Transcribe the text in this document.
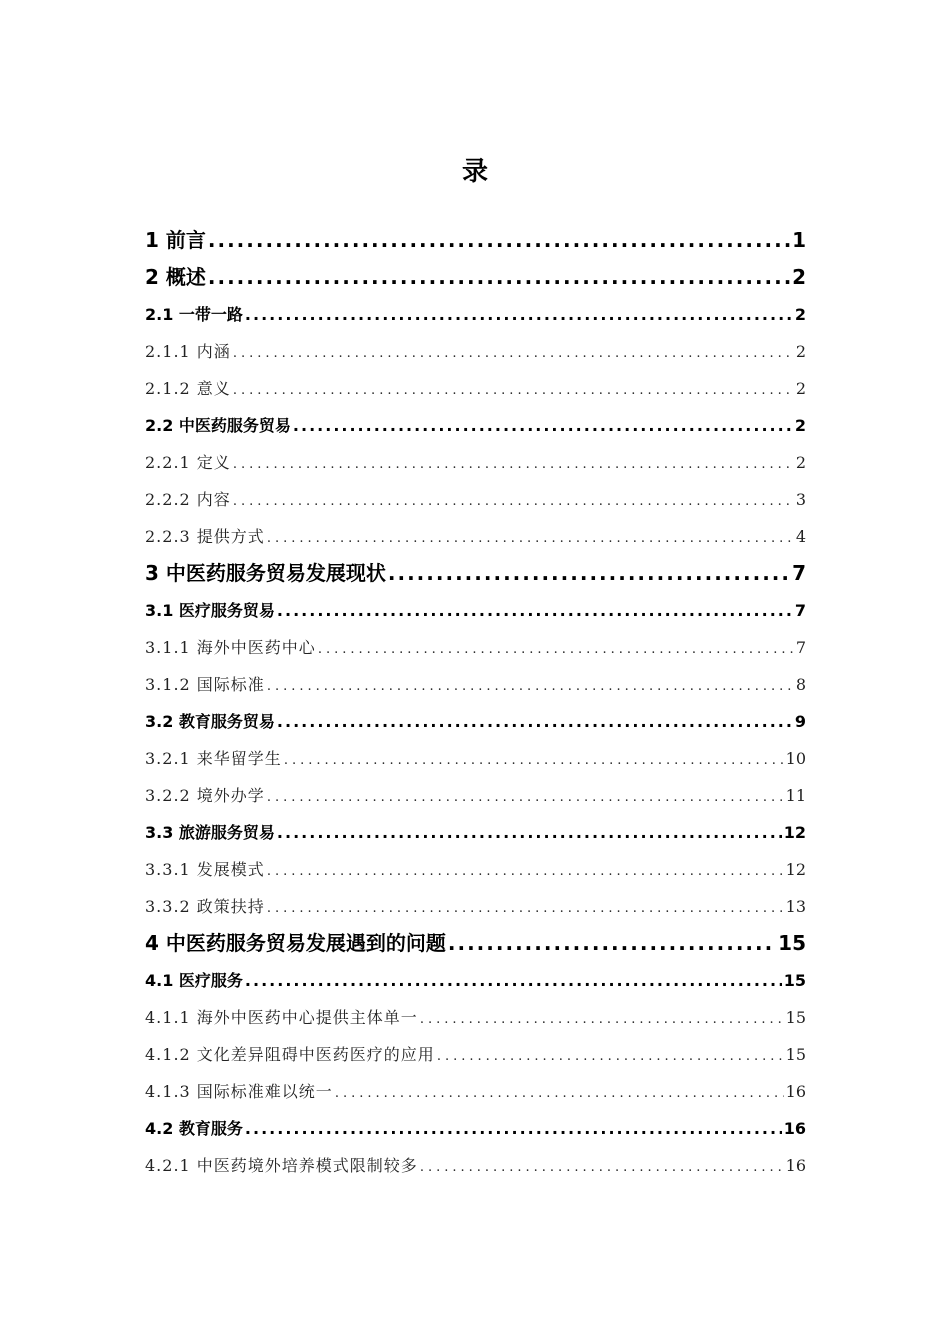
录
1 前言 .....	1
2 概述 .....	2
2.1 一带一路 .....	2
2.1.1 内涵 .....	2
2.1.2 意义 .....	2
2.2 中医药服务贸易 .....	2
2.2.1 定义 .....	2
2.2.2 内容 .....	3
2.2.3 提供方式 .....	4
3 中医药服务贸易发展现状 .....	7
3.1 医疗服务贸易 .....	7
3.1.1 海外中医药中心 .....	7
3.1.2 国际标准 .....	8
3.2 教育服务贸易 .....	9
3.2.1 来华留学生 .....	10
3.2.2 境外办学 .....	11
3.3 旅游服务贸易 .....	12
3.3.1 发展模式 .....	12
3.3.2 政策扶持 .....	13
4 中医药服务贸易发展遇到的问题 .....	15
4.1 医疗服务 .....	15
4.1.1 海外中医药中心提供主体单一 .....	15
4.1.2 文化差异阻碍中医药医疗的应用 .....	15
4.1.3 国际标准难以统一 .....	16
4.2 教育服务 .....	16
4.2.1 中医药境外培养模式限制较多 .....	16
